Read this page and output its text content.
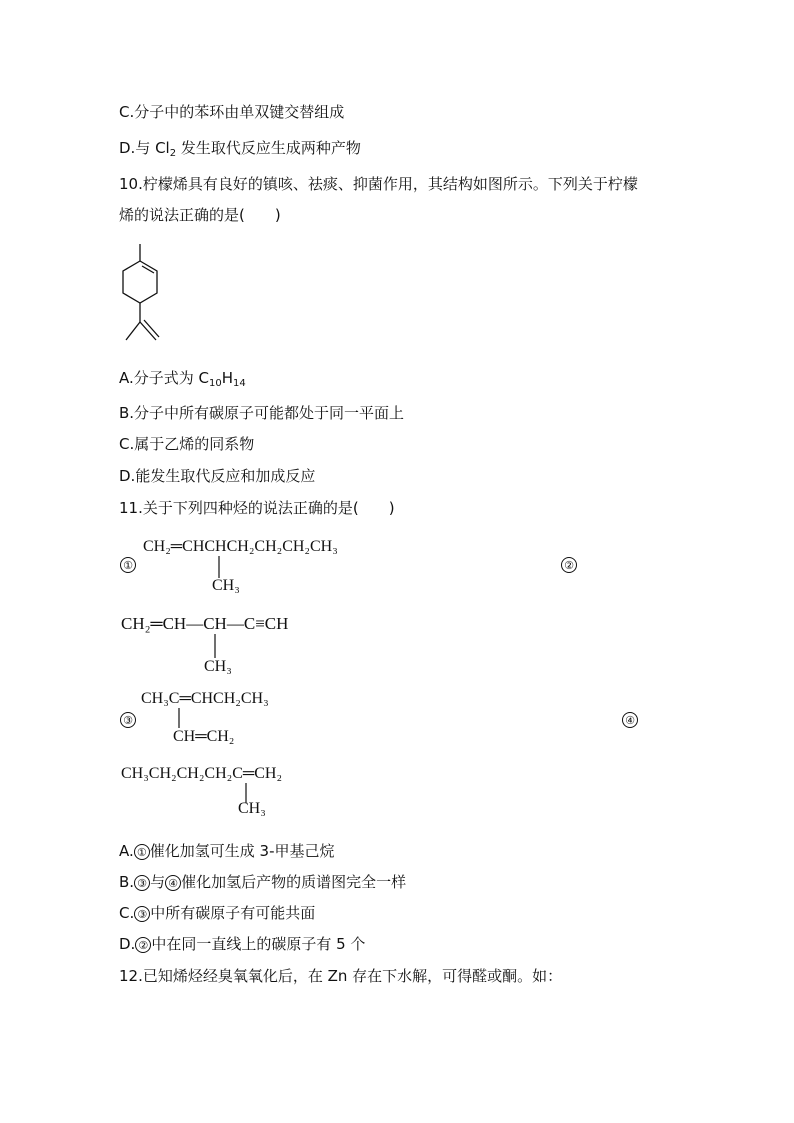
C.分子中的苯环由单双键交替组成
D.与 $Cl_2$ 发生取代反应生成两种产物
10.柠檬烯具有良好的镇咳、祛痰、抑菌作用，其结构如图所示。下列关于柠檬
烯的说法正确的是(　　)
A.分子式为 $C_{10}H_{14}$
B.分子中所有碳原子可能都处于同一平面上
C.属于乙烯的同系物
D.能发生取代反应和加成反应
11.关于下列四种烃的说法正确的是(　　)
①
CH₂═CHCHCH₂CH₂CH₂CH₃
CH₃
②
CH₂═CH—CH—C≡CH
CH₃
CH₃C═CHCH₂CH₃
③
CH═CH₂
④
CH₃CH₂CH₂CH₂C═CH₂
CH₃
A. ① 催化加氢可生成 3-甲基己烷
B. ③ 与 ④ 催化加氢后产物的质谱图完全一样
C. ③ 中所有碳原子有可能共面
D. ② 中在同一直线上的碳原子有 5 个
12.已知烯烃经臭氧氧化后，在 Zn 存在下水解，可得醛或酮。如：
